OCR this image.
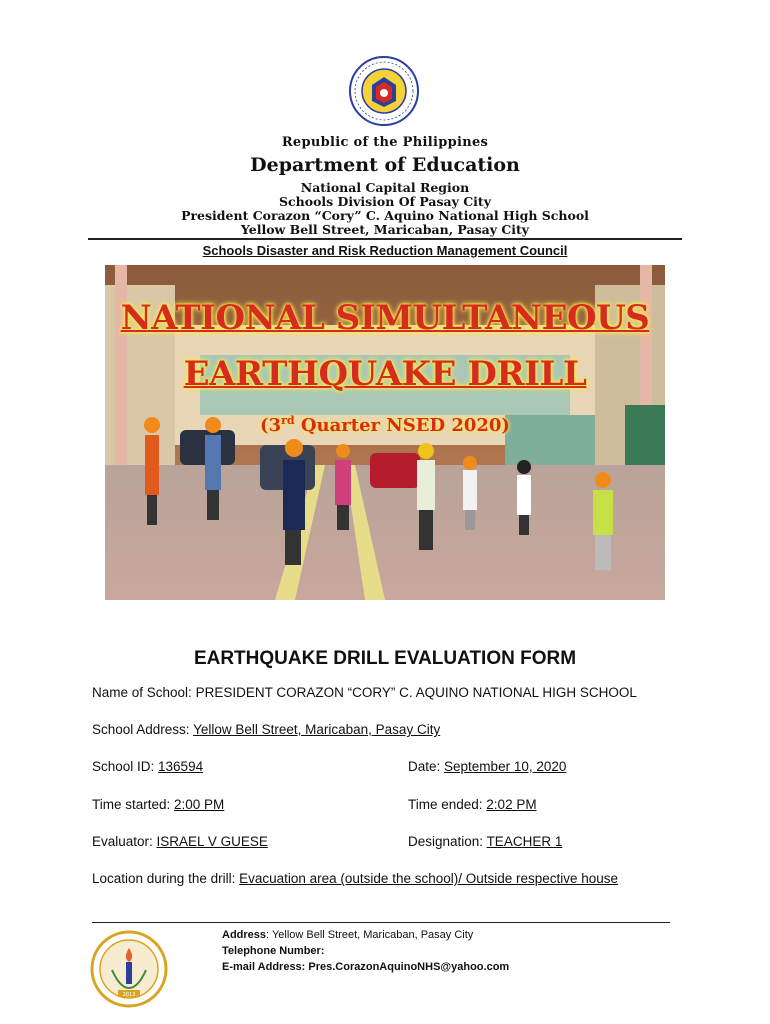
Republic of the Philippines
Department of Education
National Capital Region
Schools Division Of Pasay City
President Corazon “Cory” C. Aquino National High School
Yellow Bell Street, Maricaban, Pasay City
Schools Disaster and Risk Reduction Management Council
NATIONAL SIMULTANEOUS
EARTHQUAKE DRILL
(3rd Quarter NSED 2020)
EARTHQUAKE DRILL EVALUATION FORM
Name of School: PRESIDENT CORAZON “CORY” C. AQUINO NATIONAL HIGH SCHOOL
School Address: Yellow Bell Street, Maricaban, Pasay City
School ID: 136594	Date: September 10, 2020
Time started: 2:00 PM	Time ended: 2:02 PM
Evaluator: ISRAEL V GUESE	Designation: TEACHER 1
Location during the drill: Evacuation area (outside the school)/ Outside respective house
2013
Address: Yellow Bell Street, Maricaban, Pasay City
Telephone Number:
E-mail Address: Pres.CorazonAquinoNHS@yahoo.com
